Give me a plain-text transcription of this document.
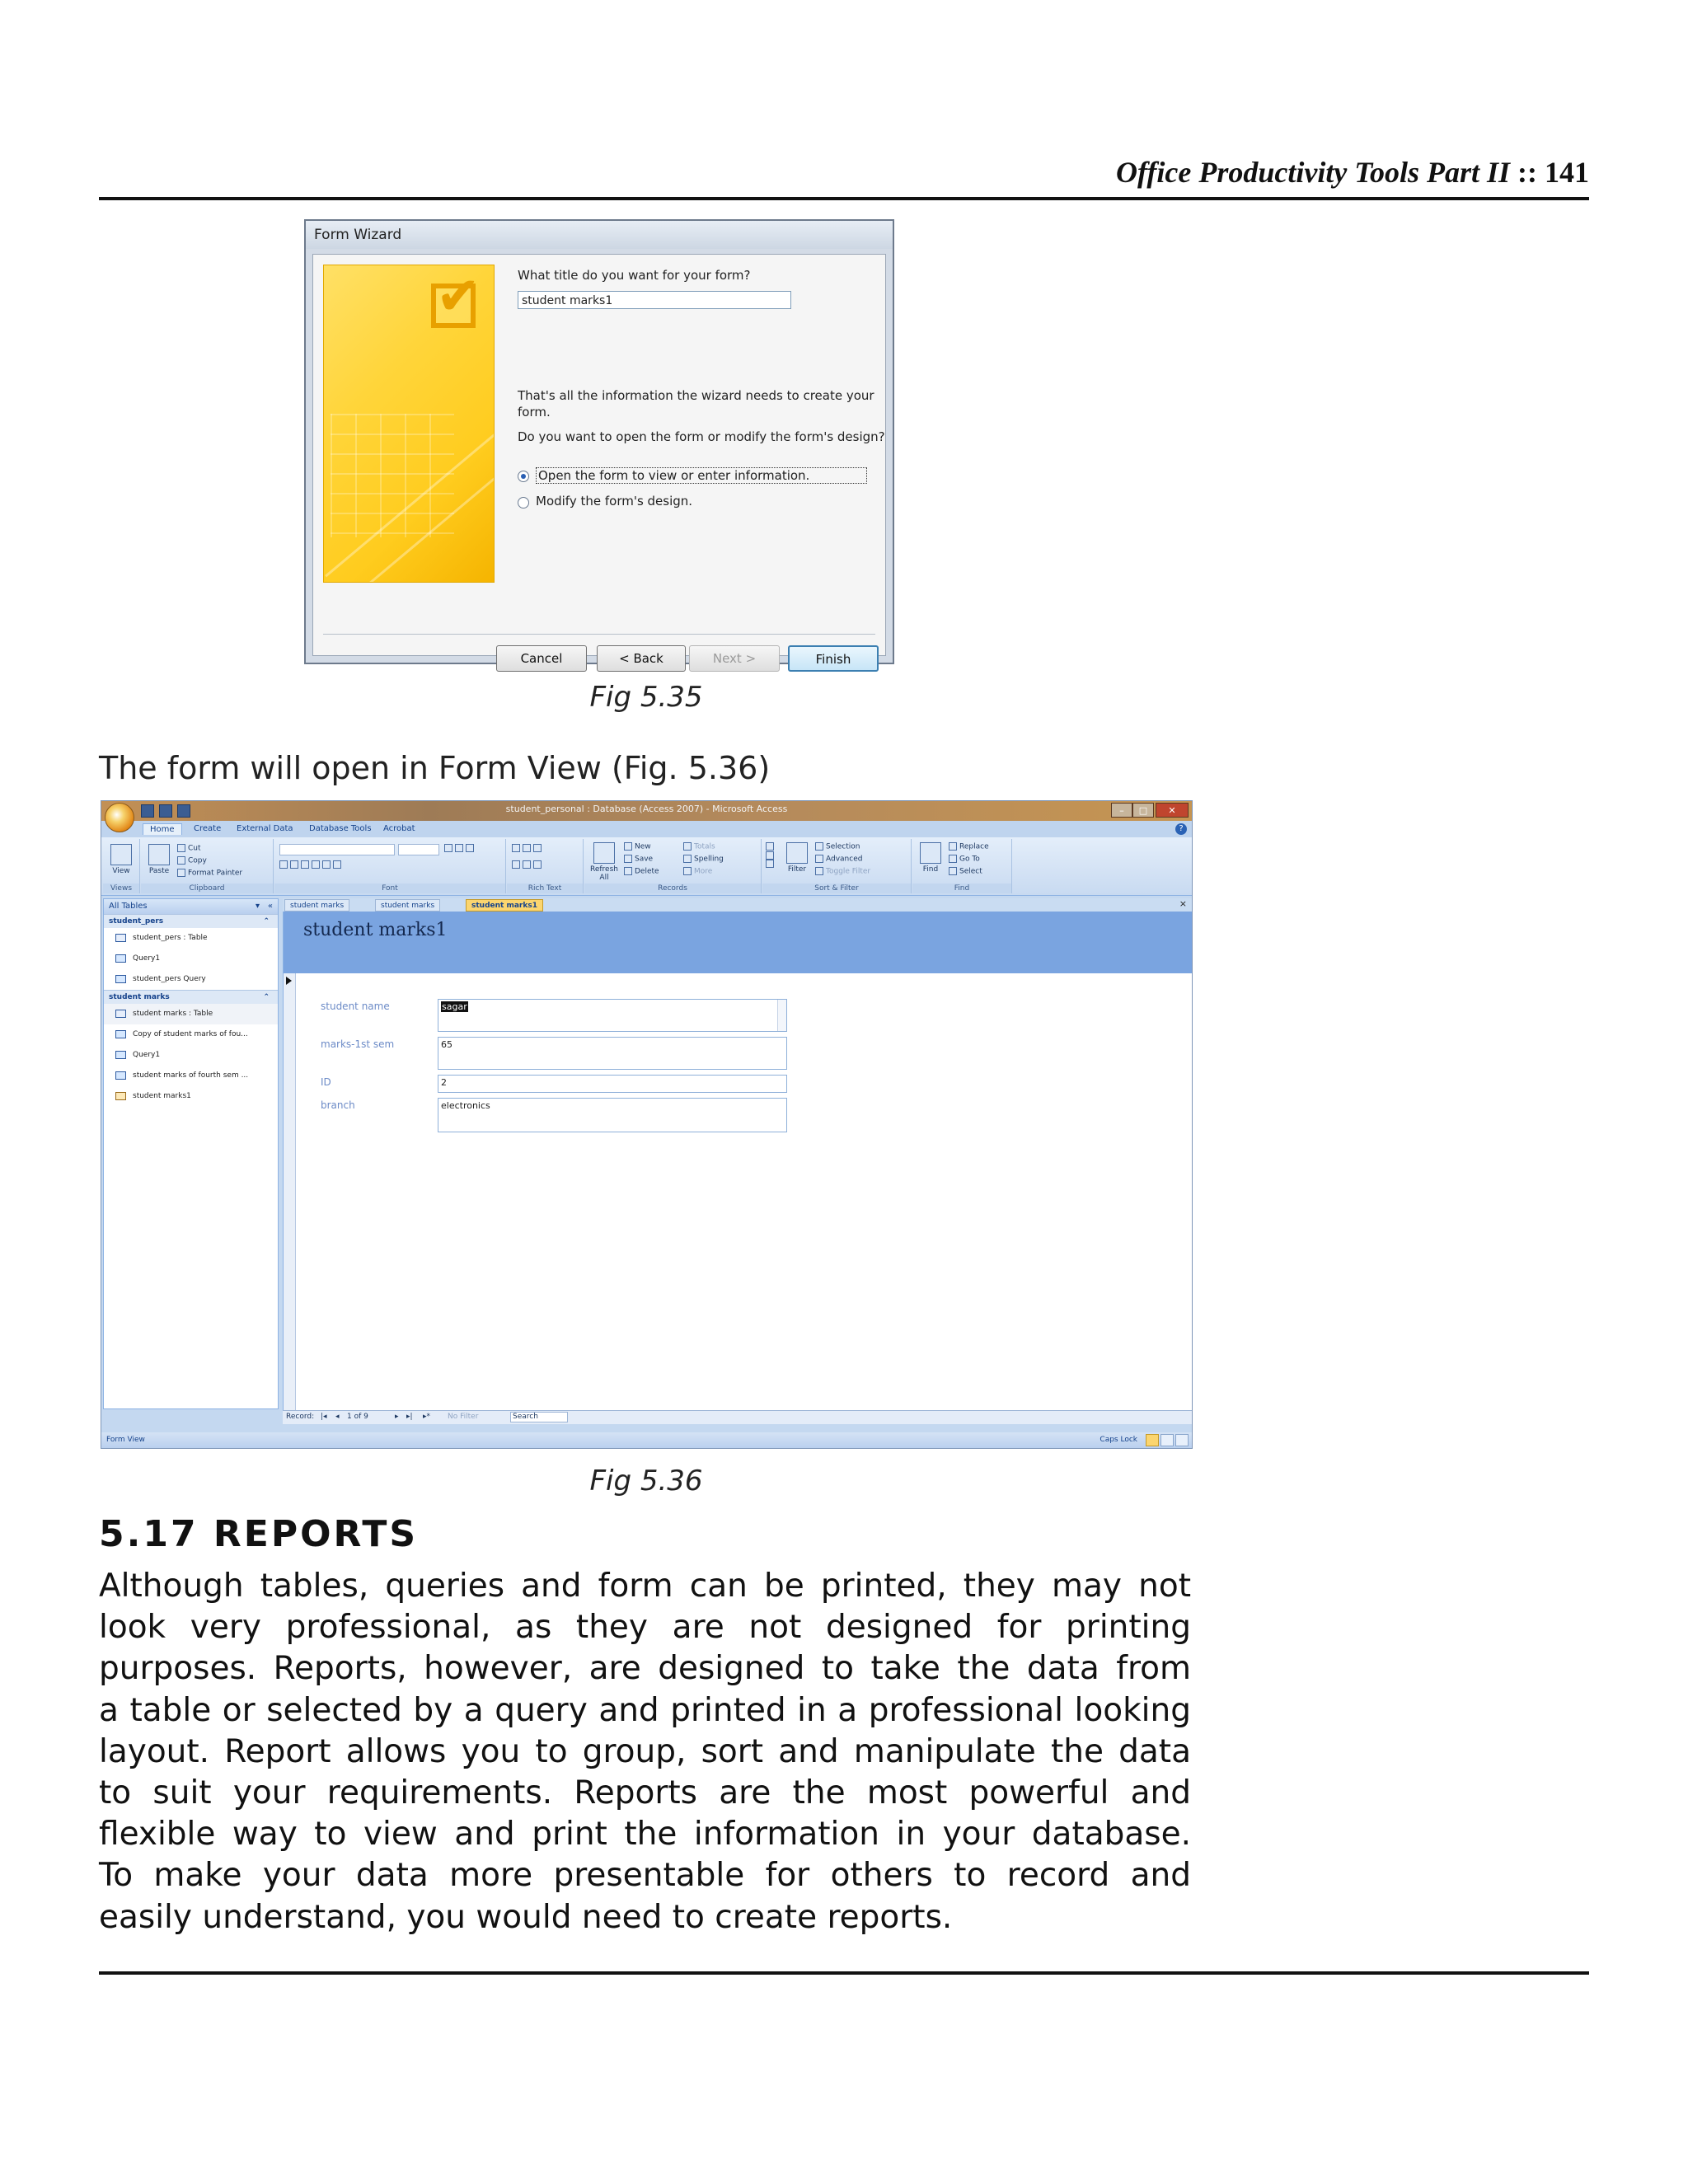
Office Productivity Tools Part II :: 141
Form Wizard
✔	What title do you want for your form?
student marks1
That's all the information the wizard needs to create your
form.
Do you want to open the form or modify the form's design?
Open the form to view or enter information.
Modify the form's design.
Cancel	< Back	Next >	Finish
Fig 5.35
The form will open in Form View (Fig. 5.36)
student_personal : Database (Access 2007) - Microsoft Access	–	□	✕
Home	Create	External Data	Database Tools	Acrobat	?
View
Views
Paste
Cut
Copy
Format Painter
Clipboard	Font	Rich Text
Refresh
All
New
Save
Delete
Totals
Spelling
More
Records

Filter
Selection
Advanced
Toggle Filter
Sort & Filter
Find
Replace
Go To
Select
Find
All Tables	▾ «
student_pers	⌃
student_pers : Table
Query1
student_pers Query
student marks	⌃
student marks : Table
Copy of student marks of fou...
Query1
student marks of fourth sem ...
student marks1
student marks	student marks	student marks1	×
student marks1
student name	sagar
marks-1st sem	65
ID	2
branch	electronics
Record: |◂ ◂ 1 of 9	▸ ▸| ▸* No Filter	Search
Form View	Caps Lock
Fig 5.36
5.17 REPORTS
Although tables, queries and form can be printed, they may not
look very professional, as they are not designed for printing
purposes. Reports, however, are designed to take the data from
a table or selected by a query and printed in a professional looking
layout. Report allows you to group, sort and manipulate the data
to suit your requirements. Reports are the most powerful and
flexible way to view and print the information in your database.
To make your data more presentable for others to record and
easily understand, you would need to create reports.
